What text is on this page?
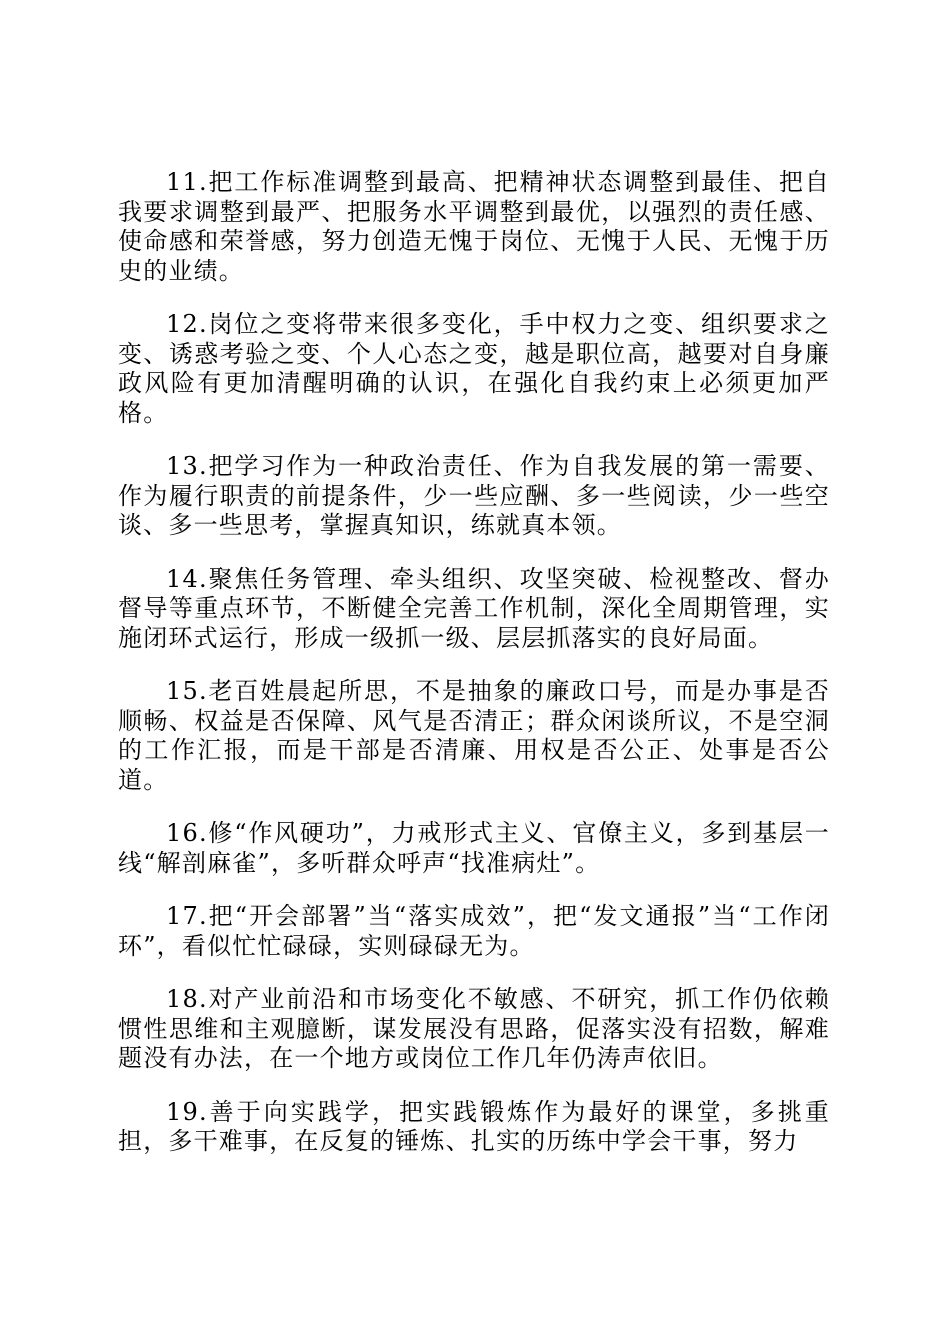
11.把工作标准调整到最高、把精神状态调整到最佳、把自我要求调整到最严、把服务水平调整到最优，以强烈的责任感、使命感和荣誉感，努力创造无愧于岗位、无愧于人民、无愧于历史的业绩。

12.岗位之变将带来很多变化，手中权力之变、组织要求之变、诱惑考验之变、个人心态之变，越是职位高，越要对自身廉政风险有更加清醒明确的认识，在强化自我约束上必须更加严格。

13.把学习作为一种政治责任、作为自我发展的第一需要、作为履行职责的前提条件，少一些应酬、多一些阅读，少一些空谈、多一些思考，掌握真知识，练就真本领。

14.聚焦任务管理、牵头组织、攻坚突破、检视整改、督办督导等重点环节，不断健全完善工作机制，深化全周期管理，实施闭环式运行，形成一级抓一级、层层抓落实的良好局面。

15.老百姓晨起所思，不是抽象的廉政口号，而是办事是否顺畅、权益是否保障、风气是否清正；群众闲谈所议，不是空洞的工作汇报，而是干部是否清廉、用权是否公正、处事是否公道。

16.修“作风硬功”，力戒形式主义、官僚主义，多到基层一线“解剖麻雀”，多听群众呼声“找准病灶”。

17.把“开会部署”当“落实成效”，把“发文通报”当“工作闭环”，看似忙忙碌碌，实则碌碌无为。

18.对产业前沿和市场变化不敏感、不研究，抓工作仍依赖惯性思维和主观臆断，谋发展没有思路，促落实没有招数，解难题没有办法，在一个地方或岗位工作几年仍涛声依旧。

19.善于向实践学，把实践锻炼作为最好的课堂，多挑重担，多干难事，在反复的锤炼、扎实的历练中学会干事，努力
